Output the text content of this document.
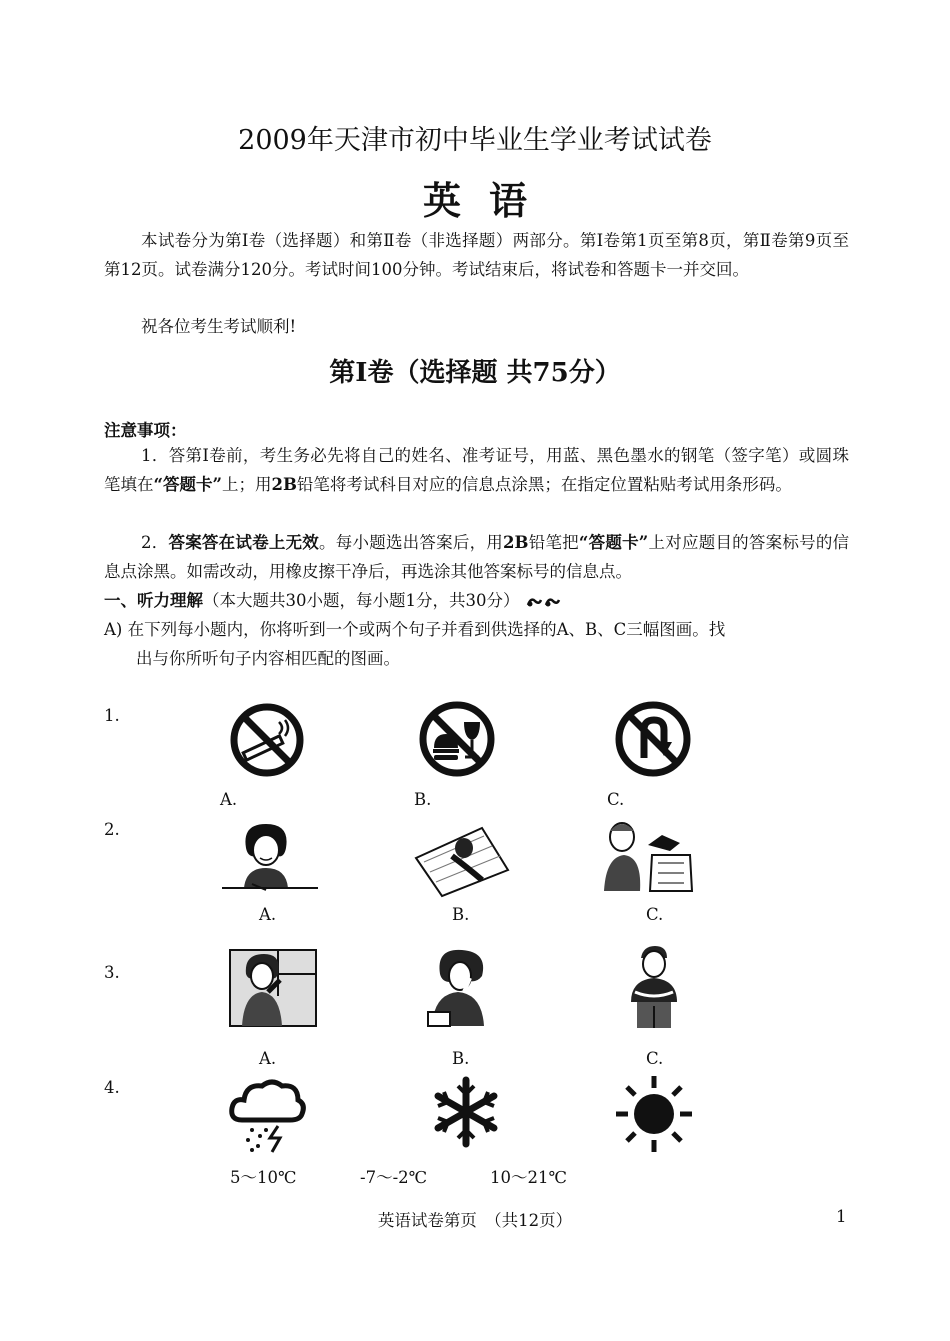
2009年天津市初中毕业生学业考试试卷
英语
本试卷分为第Ⅰ卷（选择题）和第Ⅱ卷（非选择题）两部分。第Ⅰ卷第1页至第8页，第Ⅱ卷第9页至第12页。试卷满分120分。考试时间100分钟。考试结束后，将试卷和答题卡一并交回。
祝各位考生考试顺利!
第Ⅰ卷（选择题 共75分）
注意事项：
1．答第Ⅰ卷前，考生务必先将自己的姓名、准考证号，用蓝、黑色墨水的钢笔（签字笔）或圆珠笔填在“答题卡”上；用2B铅笔将考试科目对应的信息点涂黑；在指定位置粘贴考试用条形码。
2．答案答在试卷上无效。每小题选出答案后，用2B铅笔把“答题卡”上对应题目的答案标号的信息点涂黑。如需改动，用橡皮擦干净后，再选涂其他答案标号的信息点。
一、听力理解（本大题共30小题，每小题1分，共30分）
A) 在下列每小题内，你将听到一个或两个句子并看到供选择的A、B、C三幅图画。找
出与你所听句子内容相匹配的图画。
1.
A.	B.	C.
2.
A.	B.	C.
3.
A.	B.	C.
4.
5～10℃	-7～-2℃	10～21℃
英语试卷第页　（共12页）	1
